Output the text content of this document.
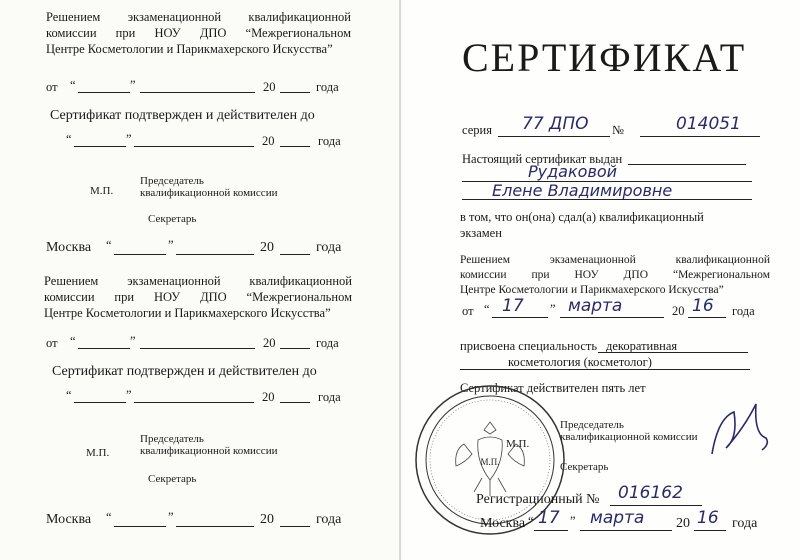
Решением экзаменационной квалификационной
комиссии при НОУ ДПО “Межрегиональном
Центре Косметологии и Парикмахерского Искусства”
от “	”	20	года
Сертификат подтвержден и действителен до
“	”	20	года
Председатель
М.П. квалификационной комиссии
Секретарь
Москва “	”	20	года
Решением экзаменационной квалификационной
комиссии при НОУ ДПО “Межрегиональном
Центре Косметологии и Парикмахерского Искусства”
от “	”	20	года
Сертификат подтвержден и действителен до
“	”	20	года
Председатель
квалификационной комиссии
М.П.
Секретарь
Москва “	”	20	года
СЕРТИФИКАТ
серия 77 ДПО №	014051
Настоящий сертификат выдан
Рудаковой
Елене Владимировне
в том, что он(она) сдал(а) квалификационный
экзамен
Решением экзаменационной квалификационной
комиссии при НОУ ДПО “Межрегиональном
Центре Косметологии и Парикмахерского Искусства”
от “ 17 ” марта	20 16 года
присвоена специальность декоративная
косметология (косметолог)
Сертификат действителен пять лет
М.П.
Председатель
квалификационной комиссии
М.П.
Секретарь
Регистрационный № 016162
Москва “ 17 ” марта 20 16 года
